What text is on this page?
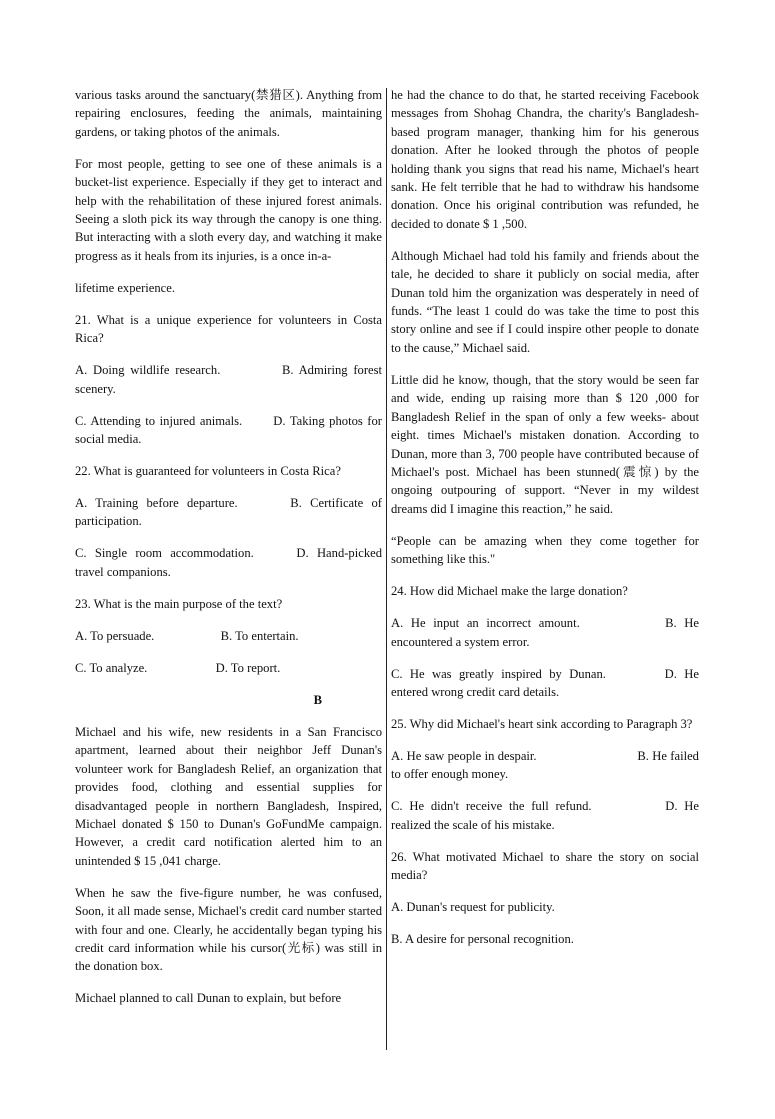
various tasks around the sanctuary(禁猎区). Anything from repairing enclosures, feeding the animals, maintaining gardens, or taking photos of the animals.

For most people, getting to see one of these animals is a bucket-list experience. Especially if they get to interact and help with the rehabilitation of these injured forest animals. Seeing a sloth pick its way through the canopy is one thing. But interacting with a sloth every day, and watching it make progress as it heals from its injuries, is a once in-a-

lifetime experience.

21. What is a unique experience for volunteers in Costa Rica?

A. Doing wildlife research.	B. Admiring forest scenery.

C. Attending to injured animals. D. Taking photos for social media.

22. What is guaranteed for volunteers in Costa Rica?

A. Training before departure.	B. Certificate of participation.

C. Single room accommodation.	D. Hand-picked travel companions.

23. What is the main purpose of the text?

A. To persuade.	B. To entertain.

C. To analyze.	D. To report.

B

Michael and his wife, new residents in a San Francisco apartment, learned about their neighbor Jeff Dunan's volunteer work for Bangladesh Relief, an organization that provides food, clothing and essential supplies for disadvantaged people in northern Bangladesh, Inspired, Michael donated $ 150 to Dunan's GoFundMe campaign. However, a credit card notification alerted him to an unintended $ 15 ,041 charge.

When he saw the five-figure number, he was confused, Soon, it all made sense, Michael's credit card number started with four and one. Clearly, he accidentally began typing his credit card information while his cursor(光标) was still in the donation box.

Michael planned to call Dunan to explain, but before

he had the chance to do that, he started receiving Facebook messages from Shohag Chandra, the charity's Bangladesh-based program manager, thanking him for his generous donation. After he looked through the photos of people holding thank you signs that read his name, Michael's heart sank. He felt terrible that he had to withdraw his handsome donation. Once his original contribution was refunded, he decided to donate $ 1 ,500.

Although Michael had told his family and friends about the tale, he decided to share it publicly on social media, after Dunan told him the organization was desperately in need of funds. “The least 1 could do was take the time to post this story online and see if I could inspire other people to donate to the cause,” Michael said.

Little did he know, though, that the story would be seen far and wide, ending up raising more than $ 120 ,000 for Bangladesh Relief in the span of only a few weeks- about eight. times Michael's mistaken donation. According to Dunan, more than 3, 700 people have contributed because of Michael's post. Michael has been stunned(震惊) by the ongoing outpouring of support. “Never in my wildest dreams did I imagine this reaction,” he said.

“People can be amazing when they come together for something like this."

24. How did Michael make the large donation?

A. He input an incorrect amount.	B. He encountered a system error.

C. He was greatly inspired by Dunan.	D. He entered wrong credit card details.

25. Why did Michael's heart sink according to Paragraph 3?

A. He saw people in despair.	B. He failed to offer enough money.

C. He didn't receive the full refund.	D. He realized the scale of his mistake.

26. What motivated Michael to share the story on social media?

A. Dunan's request for publicity.

B. A desire for personal recognition.
